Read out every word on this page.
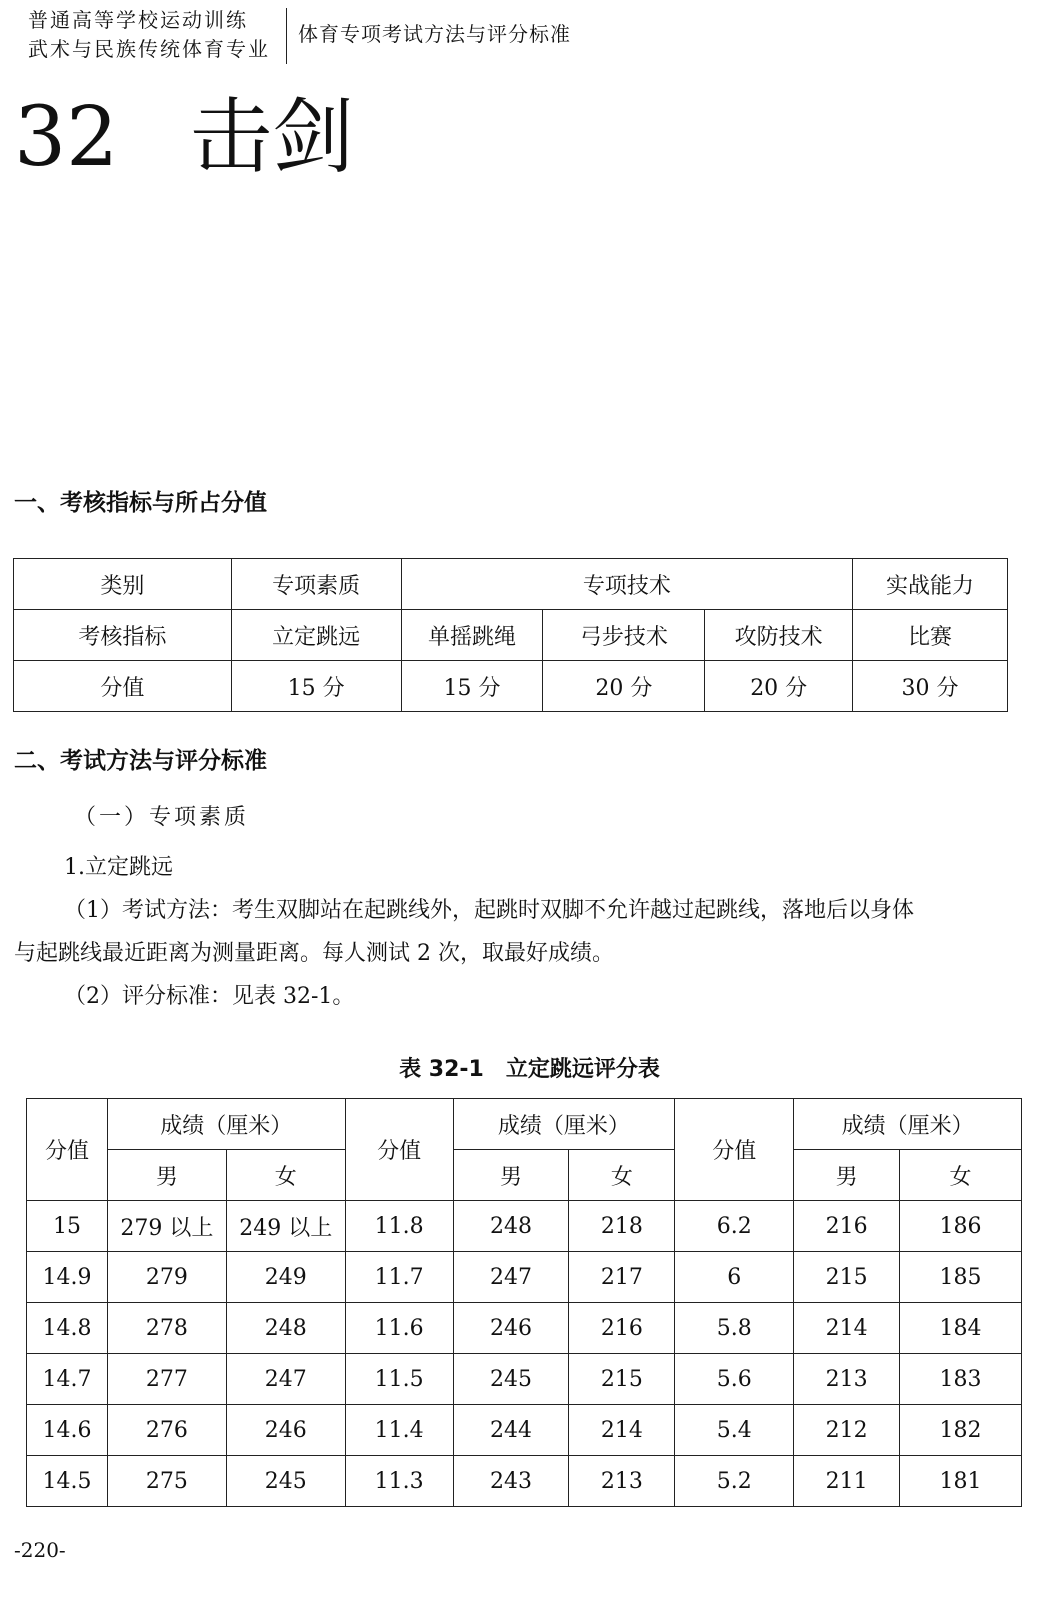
普通高等学校运动训练
武术与民族传统体育专业
体育专项考试方法与评分标准
32 击剑
一、考核指标与所占分值
类别	专项素质	专项技术			实战能力
考核指标	立定跳远	单摇跳绳	弓步技术	攻防技术	比赛
分值	15 分	15 分	20 分	20 分	30 分
二、考试方法与评分标准
（一）专项素质
1.立定跳远
（1）考试方法：考生双脚站在起跳线外，起跳时双脚不允许越过起跳线，落地后以身体
与起跳线最近距离为测量距离。每人测试 2 次，取最好成绩。
（2）评分标准：见表 32-1。
表 32-1　立定跳远评分表
分值	成绩（厘米）		分值	成绩（厘米）		分值	成绩（厘米）	
	男	女		男	女		男	女
15	279 以上	249 以上	11.8	248	218	6.2	216	186
14.9	279	249	11.7	247	217	6	215	185
14.8	278	248	11.6	246	216	5.8	214	184
14.7	277	247	11.5	245	215	5.6	213	183
14.6	276	246	11.4	244	214	5.4	212	182
14.5	275	245	11.3	243	213	5.2	211	181
-220-
